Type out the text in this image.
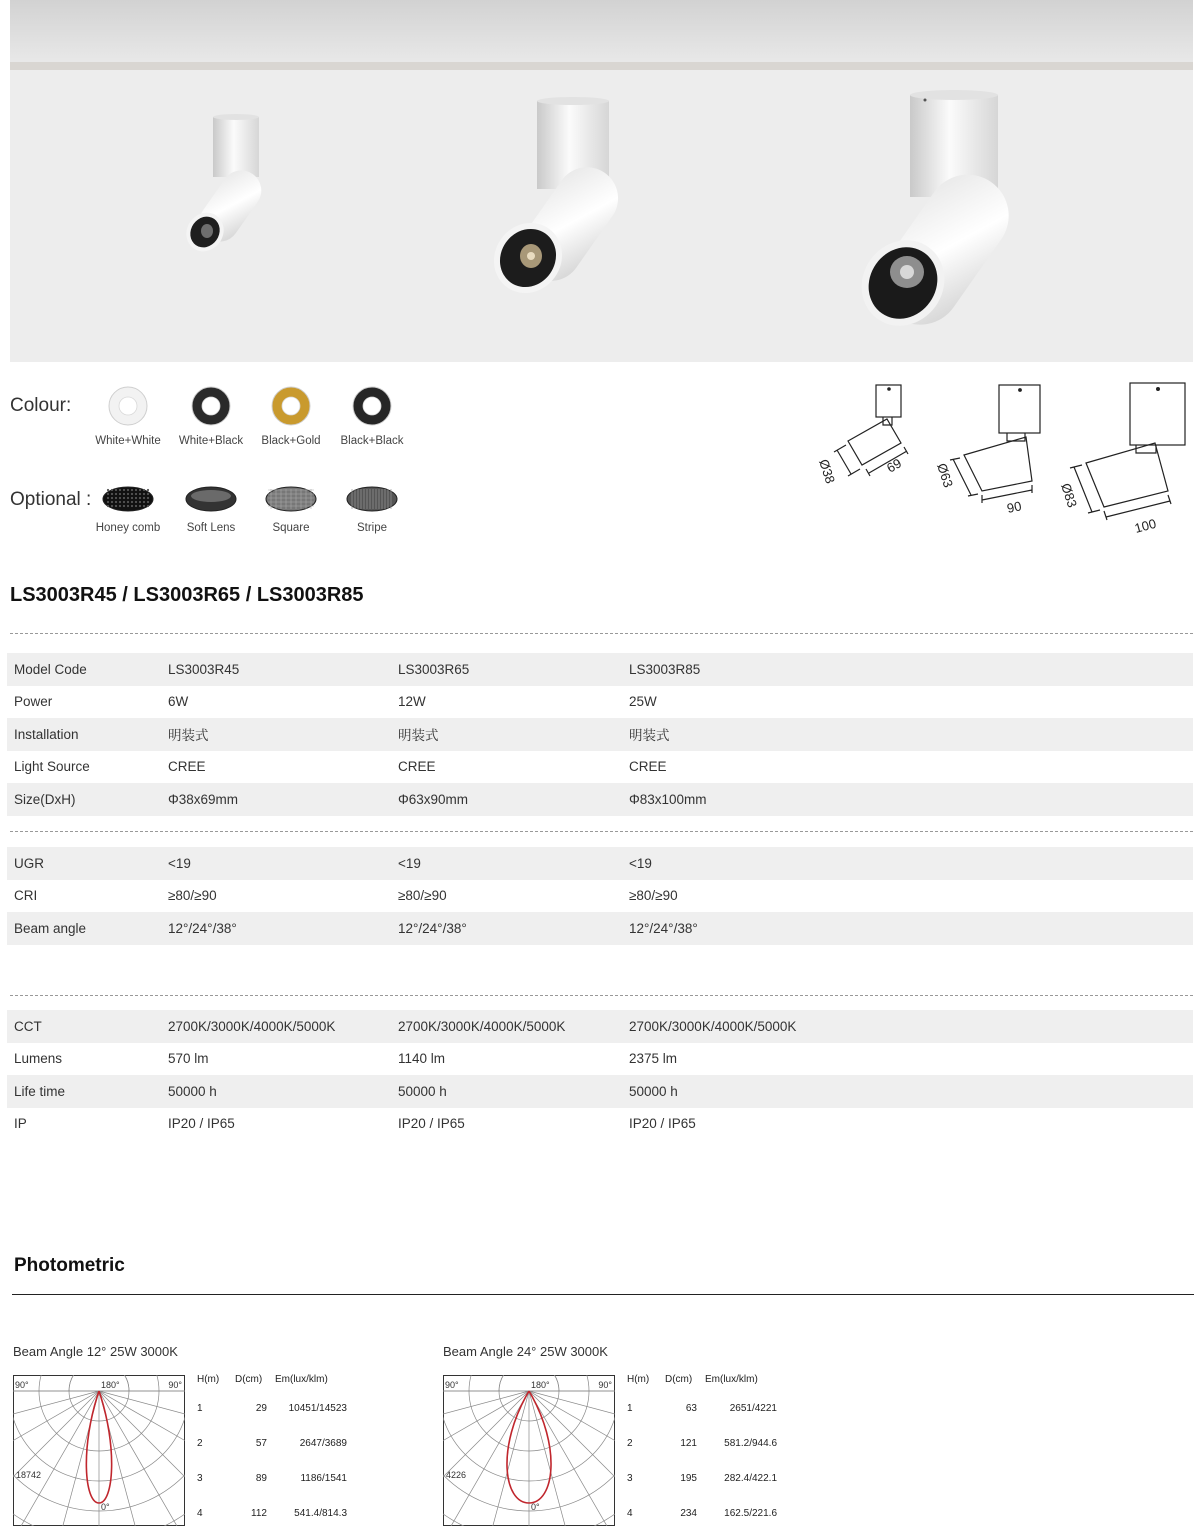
Colour:
White+White	White+Black	Black+Gold	Black+Black
Optional :
Honey comb	Soft Lens	Square	Stripe
Ø38	69 Ø63
90	Ø83
100
LS3003R45 / LS3003R65 / LS3003R85
Model Code	LS3003R45	LS3003R65	LS3003R85
Power	6W	12W	25W
Installation	明装式	明装式	明装式
Light Source	CREE	CREE	CREE
Size(DxH)	Φ38x69mm	Φ63x90mm	Φ83x100mm
UGR	<19	<19	<19
CRI	≥80/≥90	≥80/≥90	≥80/≥90
Beam angle	12°/24°/38°	12°/24°/38°	12°/24°/38°
CCT	2700K/3000K/4000K/5000K	2700K/3000K/4000K/5000K	2700K/3000K/4000K/5000K
Lumens	570 lm	1140 lm	2375 lm
Life time	50000 h	50000 h	50000 h
IP	IP20 / IP65	IP20 / IP65	IP20 / IP65
Photometric
Beam Angle 12° 25W 3000K
90°	180°	90°
18742
0°
H(m) D(cm) Em(lux/klm)
1	29 10451/14523
2	57	2647/3689
3	89	1186/1541
4	112	541.4/814.3
Beam Angle 24° 25W 3000K
90°	180°	90°
4226
0°
H(m) D(cm) Em(lux/klm)
1	63	2651/4221
2	121	581.2/944.6
3	195	282.4/422.1
4	234	162.5/221.6
